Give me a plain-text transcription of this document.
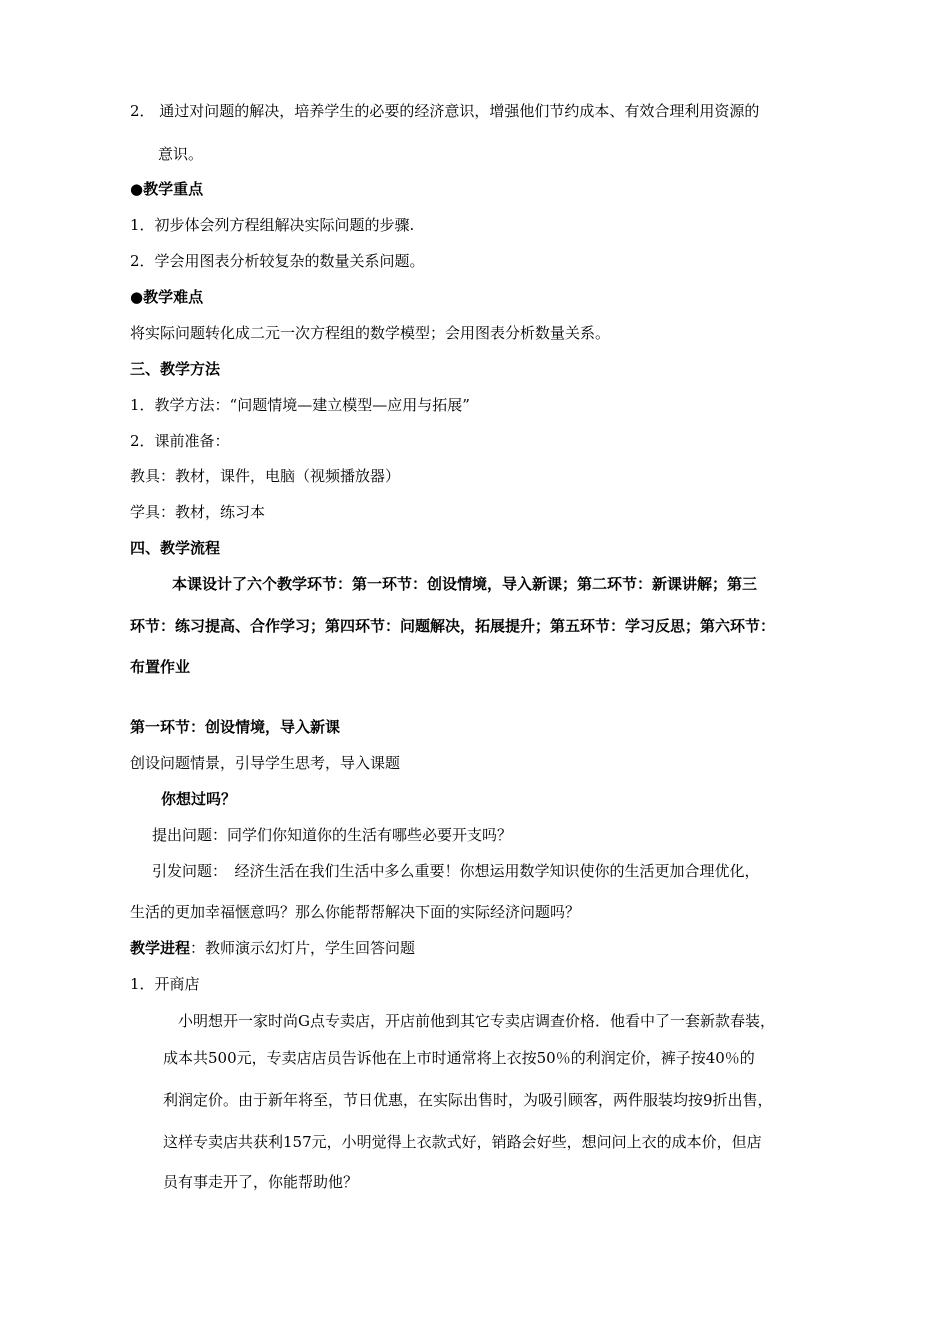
2． 通过对问题的解决，培养学生的必要的经济意识，增强他们节约成本、有效合理利用资源的
意识。
●教学重点
1．初步体会列方程组解决实际问题的步骤.
2．学会用图表分析较复杂的数量关系问题。
●教学难点
将实际问题转化成二元一次方程组的数学模型；会用图表分析数量关系。
三、教学方法
1．教学方法：“问题情境—建立模型—应用与拓展”
2．课前准备：
教具：教材，课件，电脑（视频播放器）
学具：教材，练习本
四、教学流程
本课设计了六个教学环节：第一环节：创设情境，导入新课；第二环节：新课讲解；第三
环节：练习提高、合作学习；第四环节：问题解决，拓展提升；第五环节：学习反思；第六环节：
布置作业
第一环节：创设情境，导入新课
创设问题情景，引导学生思考，导入课题
你想过吗？
提出问题：同学们你知道你的生活有哪些必要开支吗？
引发问题：　经济生活在我们生活中多么重要！你想运用数学知识使你的生活更加合理优化，
生活的更加幸福惬意吗？那么你能帮帮解决下面的实际经济问题吗？
教学进程：教师演示幻灯片，学生回答问题
1．开商店
　小明想开一家时尚G点专卖店，开店前他到其它专卖店调查价格．他看中了一套新款春装，
成本共500元，专卖店店员告诉他在上市时通常将上衣按50％的利润定价，裤子按40％的
利润定价。由于新年将至，节日优惠，在实际出售时，为吸引顾客，两件服装均按9折出售，
这样专卖店共获利157元，小明觉得上衣款式好，销路会好些，想问问上衣的成本价，但店
员有事走开了，你能帮助他？
